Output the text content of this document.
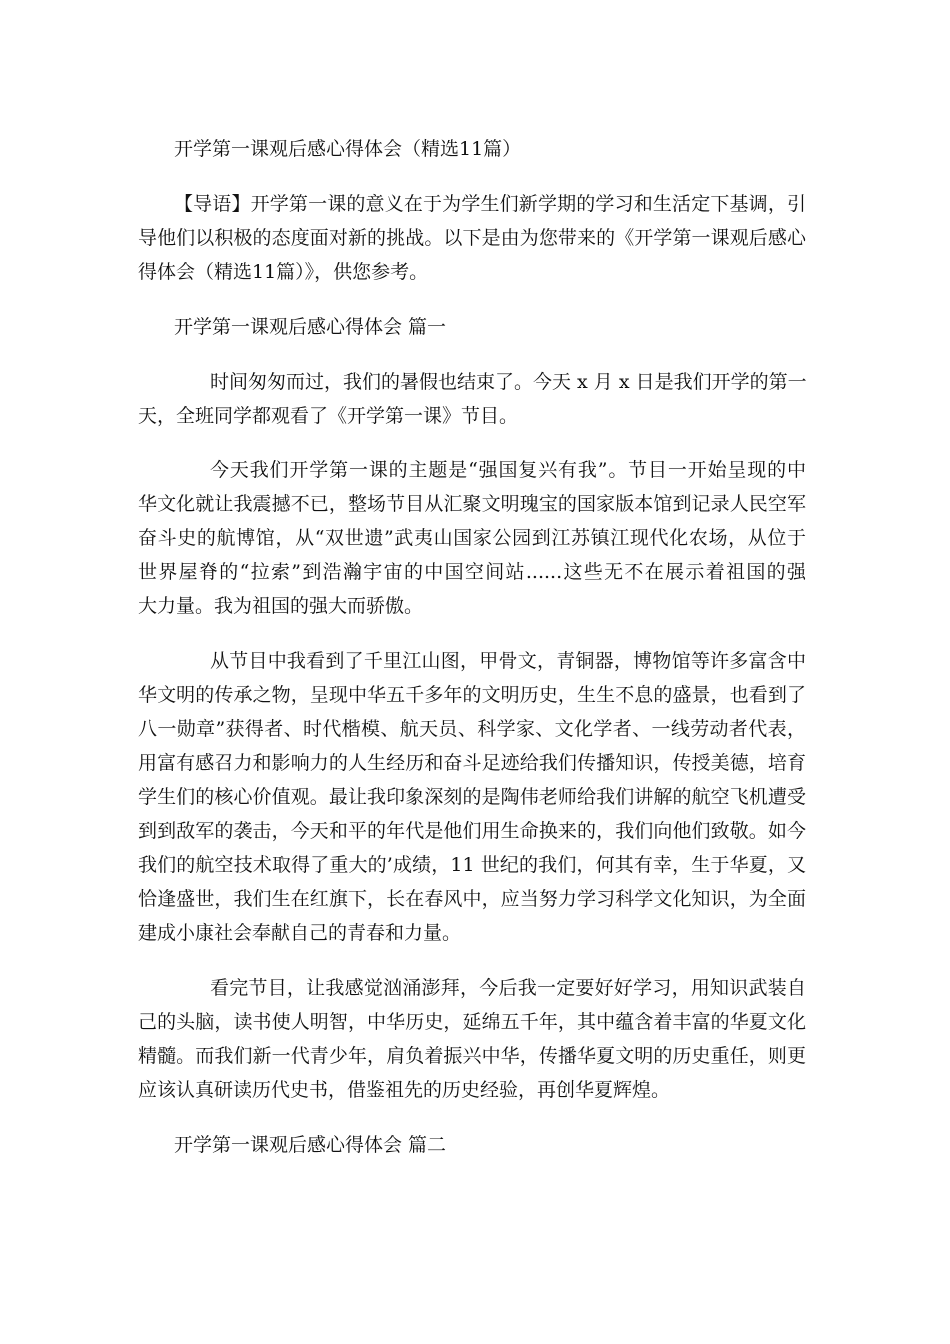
开学第一课观后感心得体会（精选11篇）

【导语】开学第一课的意义在于为学生们新学期的学习和生活定下基调，引

导他们以积极的态度面对新的挑战。以下是由为您带来的《开学第一课观后感心

得体会（精选11篇）》，供您参考。

开学第一课观后感心得体会 篇一

时间匆匆而过，我们的暑假也结束了。今天 x 月 x 日是我们开学的第一

天，全班同学都观看了《开学第一课》节目。

今天我们开学第一课的主题是“强国复兴有我”。节目一开始呈现的中

华文化就让我震撼不已，整场节目从汇聚文明瑰宝的国家版本馆到记录人民空军

奋斗史的航博馆，从“双世遗”武夷山国家公园到江苏镇江现代化农场，从位于

世界屋脊的“拉索”到浩瀚宇宙的中国空间站......这些无不在展示着祖国的强

大力量。我为祖国的强大而骄傲。

从节目中我看到了千里江山图，甲骨文，青铜器，博物馆等许多富含中

华文明的传承之物，呈现中华五千多年的文明历史，生生不息的盛景，也看到了

八一勋章”获得者、时代楷模、航天员、科学家、文化学者、一线劳动者代表，

用富有感召力和影响力的人生经历和奋斗足迹给我们传播知识，传授美德，培育

学生们的核心价值观。最让我印象深刻的是陶伟老师给我们讲解的航空飞机遭受

到到敌军的袭击，今天和平的年代是他们用生命换来的，我们向他们致敬。如今

我们的航空技术取得了重大的’成绩，11 世纪的我们，何其有幸，生于华夏，又

恰逢盛世，我们生在红旗下，长在春风中，应当努力学习科学文化知识，为全面

建成小康社会奉献自己的青春和力量。

看完节目，让我感觉汹涌澎拜，今后我一定要好好学习，用知识武装自

己的头脑，读书使人明智，中华历史，延绵五千年，其中蕴含着丰富的华夏文化

精髓。而我们新一代青少年，肩负着振兴中华，传播华夏文明的历史重任，则更

应该认真研读历代史书，借鉴祖先的历史经验，再创华夏辉煌。

开学第一课观后感心得体会 篇二
